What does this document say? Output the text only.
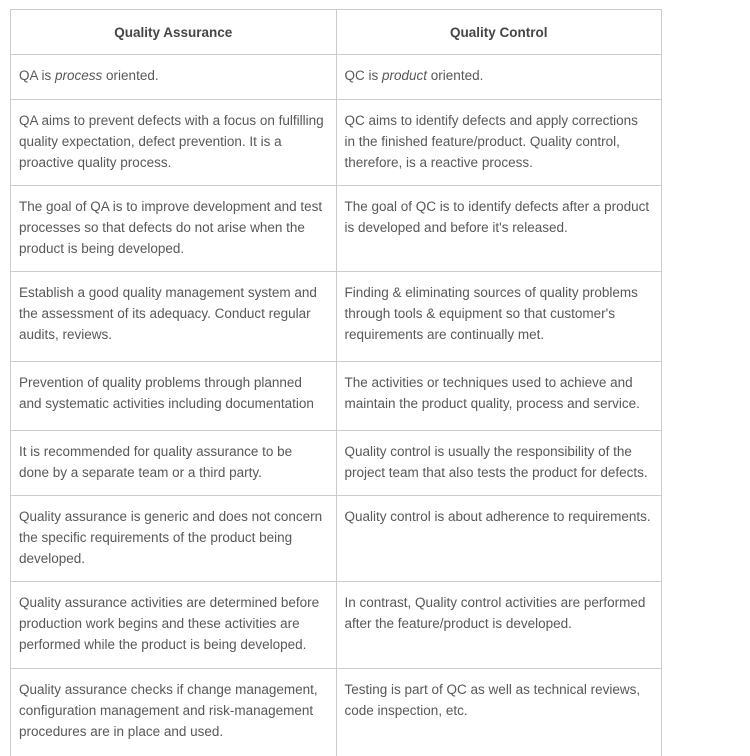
Quality Assurance	Quality Control
QA is process oriented.	QC is product oriented.
QA aims to prevent defects with a focus on fulfilling quality expectation, defect prevention. It is a proactive quality process.	QC aims to identify defects and apply corrections in the finished feature/product. Quality control, therefore, is a reactive process.
The goal of QA is to improve development and test processes so that defects do not arise when the product is being developed.	The goal of QC is to identify defects after a product is developed and before it's released.
Establish a good quality management system and the assessment of its adequacy. Conduct regular audits, reviews.	Finding & eliminating sources of quality problems through tools & equipment so that customer's requirements are continually met.
Prevention of quality problems through planned and systematic activities including documentation	The activities or techniques used to achieve and maintain the product quality, process and service.
It is recommended for quality assurance to be done by a separate team or a third party.	Quality control is usually the responsibility of the project team that also tests the product for defects.
Quality assurance is generic and does not concern the specific requirements of the product being developed.	Quality control is about adherence to requirements.
Quality assurance activities are determined before production work begins and these activities are performed while the product is being developed.	In contrast, Quality control activities are performed after the feature/product is developed.
Quality assurance checks if change management, configuration management and risk-management procedures are in place and used.	Testing is part of QC as well as technical reviews, code inspection, etc.
